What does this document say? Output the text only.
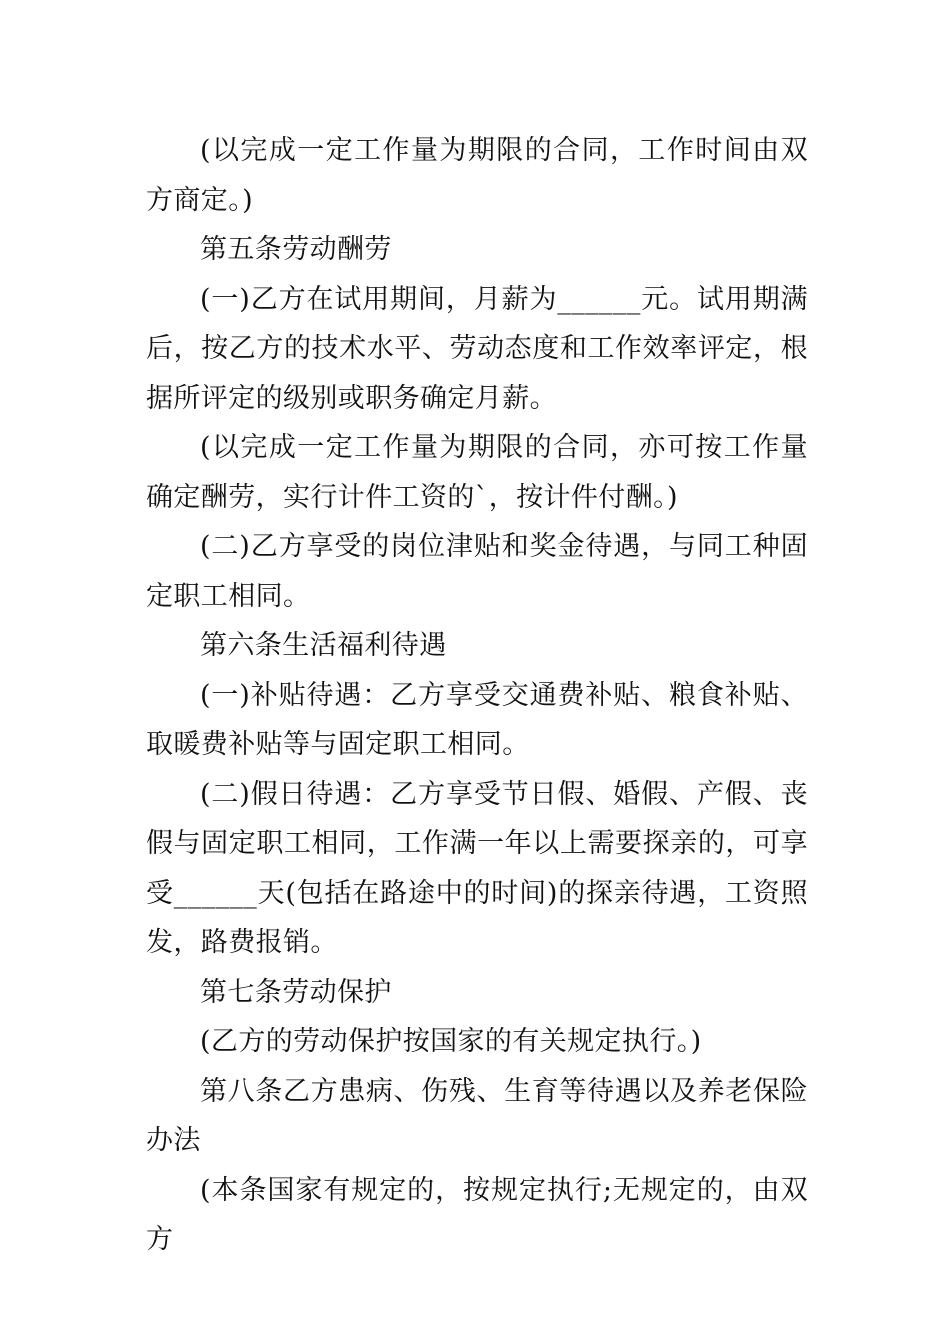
(以完成一定工作量为期限的合同，工作时间由双方商定。)

第五条劳动酬劳

(一)乙方在试用期间，月薪为______元。试用期满后，按乙方的技术水平、劳动态度和工作效率评定，根据所评定的级别或职务确定月薪。

(以完成一定工作量为期限的合同，亦可按工作量确定酬劳，实行计件工资的`，按计件付酬。)

(二)乙方享受的岗位津贴和奖金待遇，与同工种固定职工相同。

第六条生活福利待遇

(一)补贴待遇：乙方享受交通费补贴、粮食补贴、取暖费补贴等与固定职工相同。

(二)假日待遇：乙方享受节日假、婚假、产假、丧假与固定职工相同，工作满一年以上需要探亲的，可享受______天(包括在路途中的时间)的探亲待遇，工资照发，路费报销。

第七条劳动保护

(乙方的劳动保护按国家的有关规定执行。)

第八条乙方患病、伤残、生育等待遇以及养老保险办法

(本条国家有规定的，按规定执行;无规定的，由双方
